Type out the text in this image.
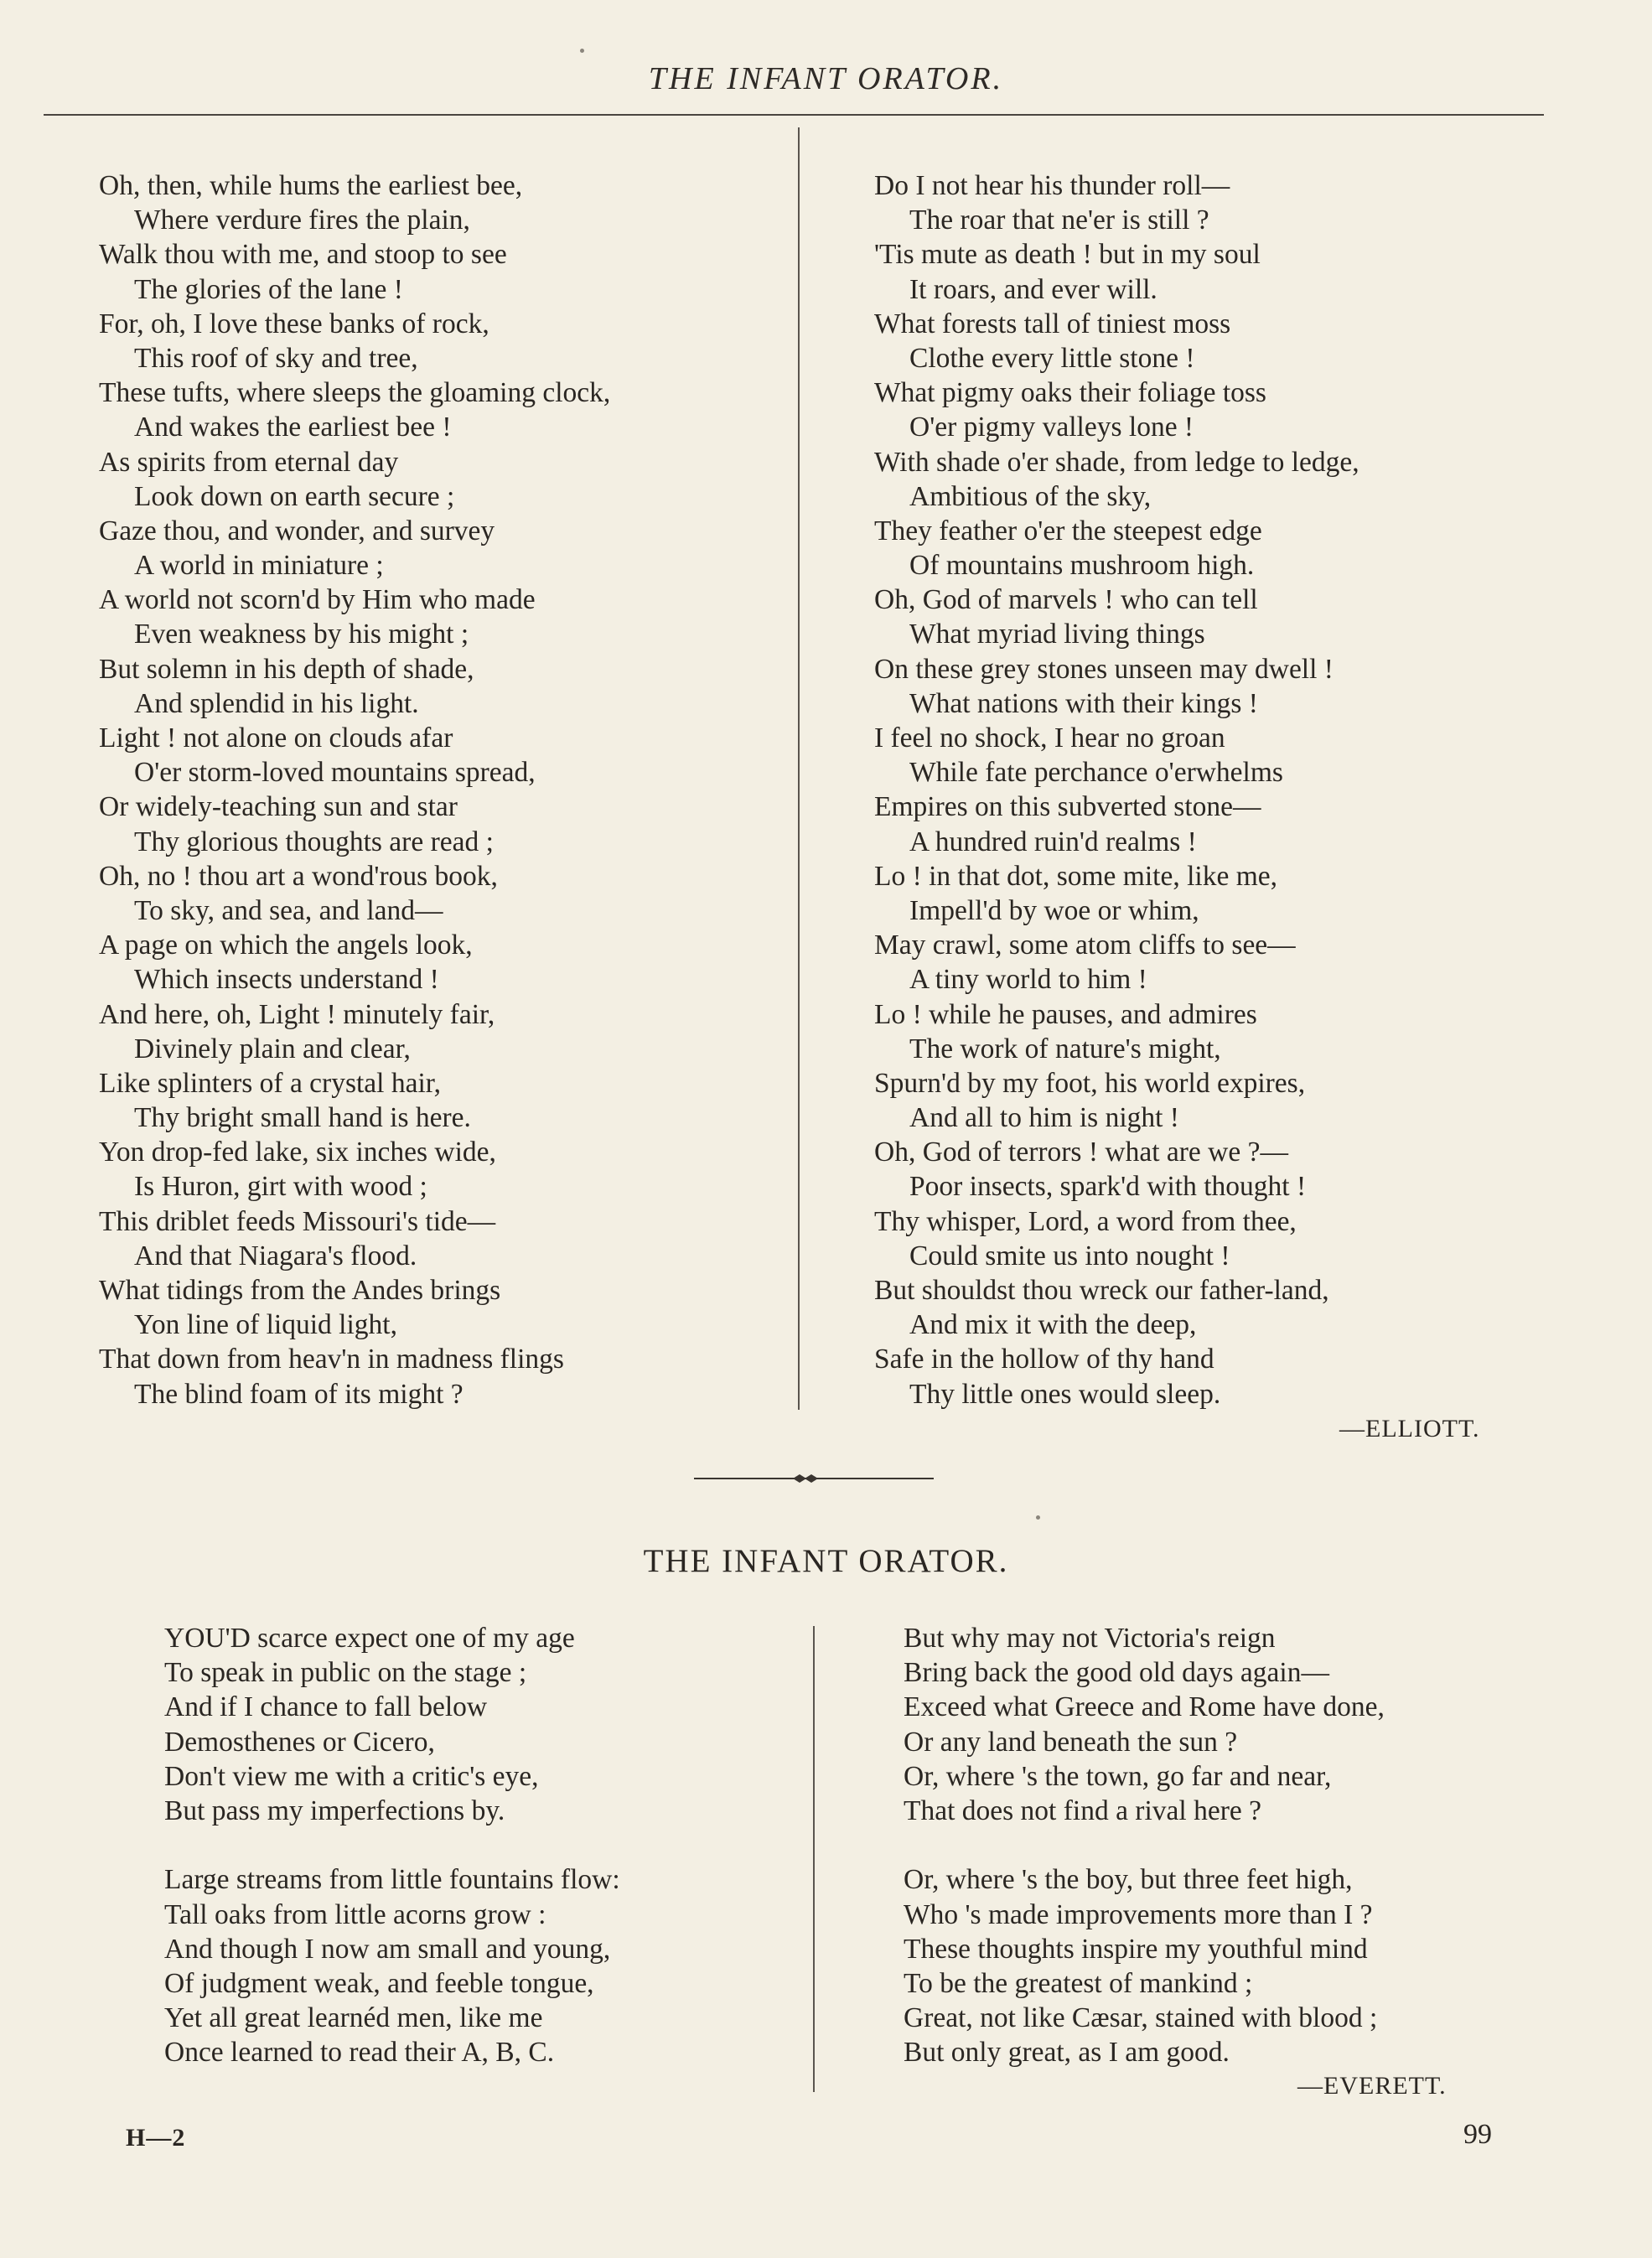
THE INFANT ORATOR.
Oh, then, while hums the earliest bee,
Where verdure fires the plain,
Walk thou with me, and stoop to see
The glories of the lane !
For, oh, I love these banks of rock,
This roof of sky and tree,
These tufts, where sleeps the gloaming clock,
And wakes the earliest bee !
As spirits from eternal day
Look down on earth secure ;
Gaze thou, and wonder, and survey
A world in miniature ;
A world not scorn'd by Him who made
Even weakness by his might ;
But solemn in his depth of shade,
And splendid in his light.
Light ! not alone on clouds afar
O'er storm-loved mountains spread,
Or widely-teaching sun and star
Thy glorious thoughts are read ;
Oh, no ! thou art a wond'rous book,
To sky, and sea, and land—
A page on which the angels look,
Which insects understand !
And here, oh, Light ! minutely fair,
Divinely plain and clear,
Like splinters of a crystal hair,
Thy bright small hand is here.
Yon drop-fed lake, six inches wide,
Is Huron, girt with wood ;
This driblet feeds Missouri's tide—
And that Niagara's flood.
What tidings from the Andes brings
Yon line of liquid light,
That down from heav'n in madness flings
The blind foam of its might ?
Do I not hear his thunder roll—
The roar that ne'er is still ?
'Tis mute as death ! but in my soul
It roars, and ever will.
What forests tall of tiniest moss
Clothe every little stone !
What pigmy oaks their foliage toss
O'er pigmy valleys lone !
With shade o'er shade, from ledge to ledge,
Ambitious of the sky,
They feather o'er the steepest edge
Of mountains mushroom high.
Oh, God of marvels ! who can tell
What myriad living things
On these grey stones unseen may dwell !
What nations with their kings !
I feel no shock, I hear no groan
While fate perchance o'erwhelms
Empires on this subverted stone—
A hundred ruin'd realms !
Lo ! in that dot, some mite, like me,
Impell'd by woe or whim,
May crawl, some atom cliffs to see—
A tiny world to him !
Lo ! while he pauses, and admires
The work of nature's might,
Spurn'd by my foot, his world expires,
And all to him is night !
Oh, God of terrors ! what are we ?—
Poor insects, spark'd with thought !
Thy whisper, Lord, a word from thee,
Could smite us into nought !
But shouldst thou wreck our father-land,
And mix it with the deep,
Safe in the hollow of thy hand
Thy little ones would sleep.
—ELLIOTT.
THE INFANT ORATOR.
YOU'D scarce expect one of my age
To speak in public on the stage ;
And if I chance to fall below
Demosthenes or Cicero,
Don't view me with a critic's eye,
But pass my imperfections by.
Large streams from little fountains flow:
Tall oaks from little acorns grow :
And though I now am small and young,
Of judgment weak, and feeble tongue,
Yet all great learnéd men, like me
Once learned to read their A, B, C.
But why may not Victoria's reign
Bring back the good old days again—
Exceed what Greece and Rome have done,
Or any land beneath the sun ?
Or, where 's the town, go far and near,
That does not find a rival here ?
Or, where 's the boy, but three feet high,
Who 's made improvements more than I ?
These thoughts inspire my youthful mind
To be the greatest of mankind ;
Great, not like Cæsar, stained with blood ;
But only great, as I am good.
—EVERETT.
H—2	99
